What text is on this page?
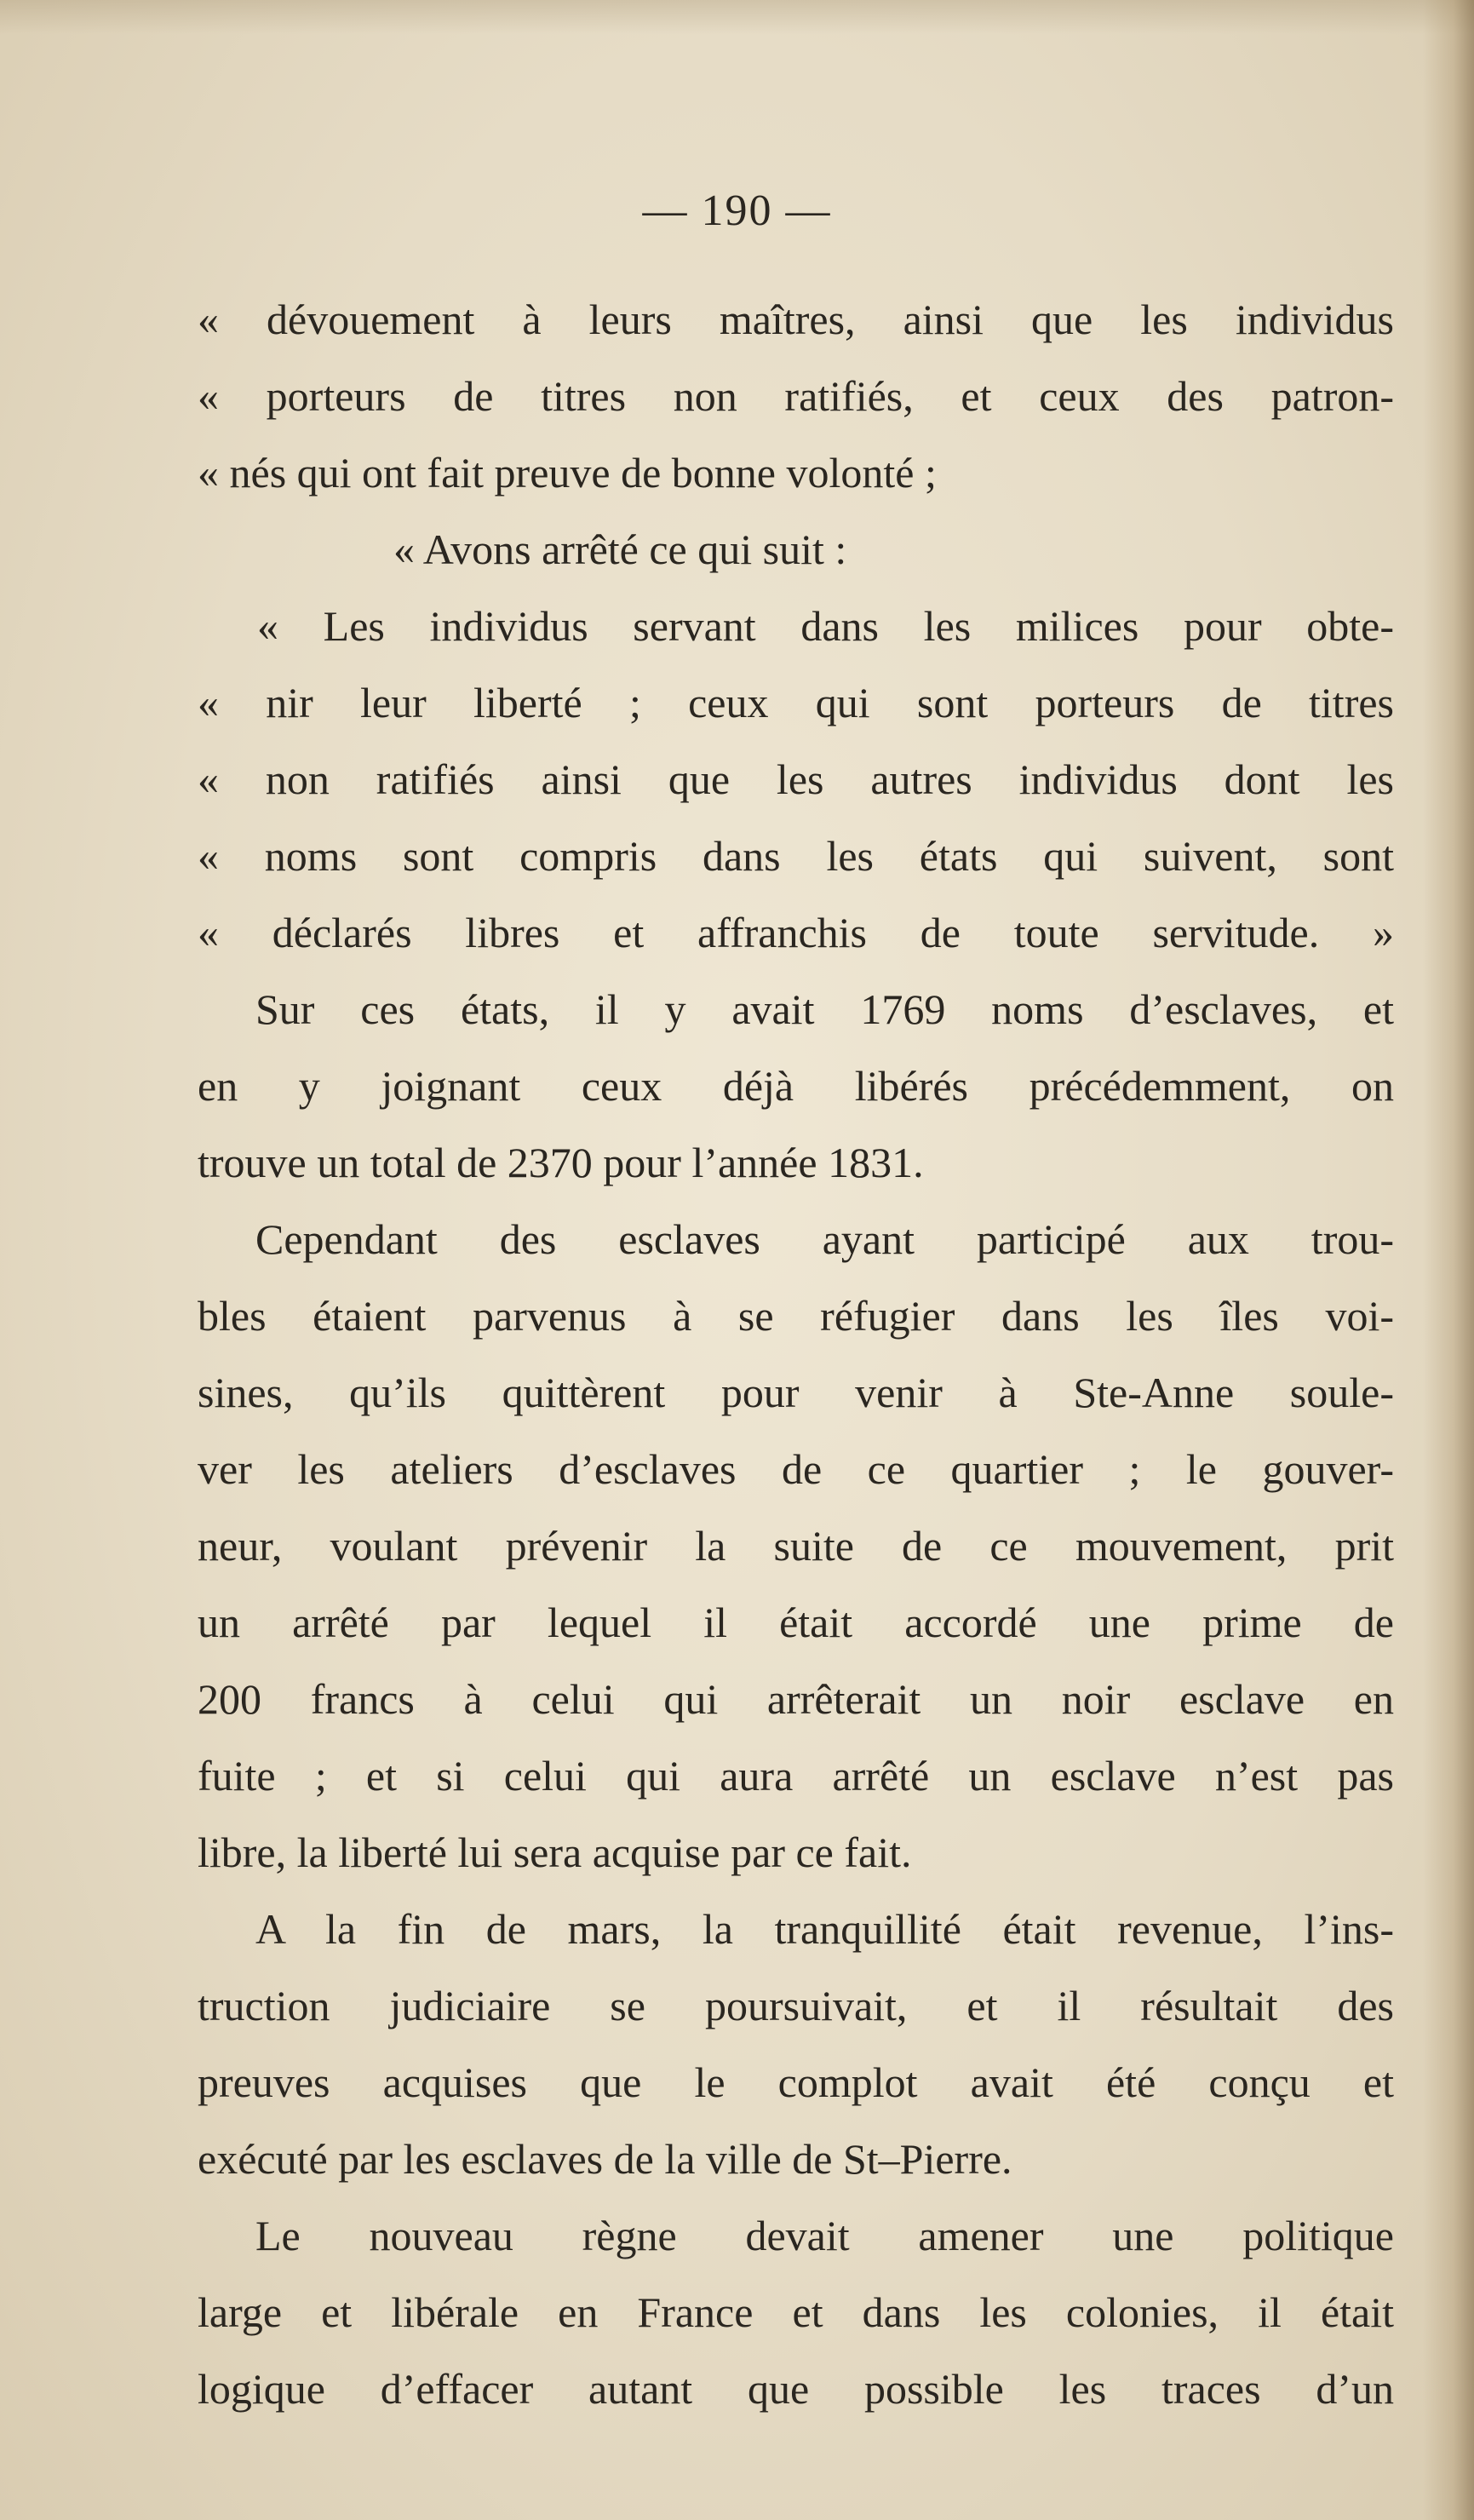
— 190 —
« dévouement à leurs maîtres, ainsi que les individus
« porteurs de titres non ratifiés, et ceux des patron-
« nés qui ont fait preuve de bonne volonté ;
« Avons arrêté ce qui suit :
« Les individus servant dans les milices pour obte-
« nir leur liberté ; ceux qui sont porteurs de titres
« non ratifiés ainsi que les autres individus dont les
« noms sont compris dans les états qui suivent, sont
« déclarés libres et affranchis de toute servitude. »
Sur ces états, il y avait 1769 noms d’esclaves, et
en y joignant ceux déjà libérés précédemment, on
trouve un total de 2370 pour l’année 1831.
Cependant des esclaves ayant participé aux trou-
bles étaient parvenus à se réfugier dans les îles voi-
sines, qu’ils quittèrent pour venir à Ste-Anne soule-
ver les ateliers d’esclaves de ce quartier ; le gouver-
neur, voulant prévenir la suite de ce mouvement, prit
un arrêté par lequel il était accordé une prime de
200 francs à celui qui arrêterait un noir esclave en
fuite ; et si celui qui aura arrêté un esclave n’est pas
libre, la liberté lui sera acquise par ce fait.
A la fin de mars, la tranquillité était revenue, l’ins-
truction judiciaire se poursuivait, et il résultait des
preuves acquises que le complot avait été conçu et
exécuté par les esclaves de la ville de St–Pierre.
Le nouveau règne devait amener une politique
large et libérale en France et dans les colonies, il était
logique d’effacer autant que possible les traces d’un
